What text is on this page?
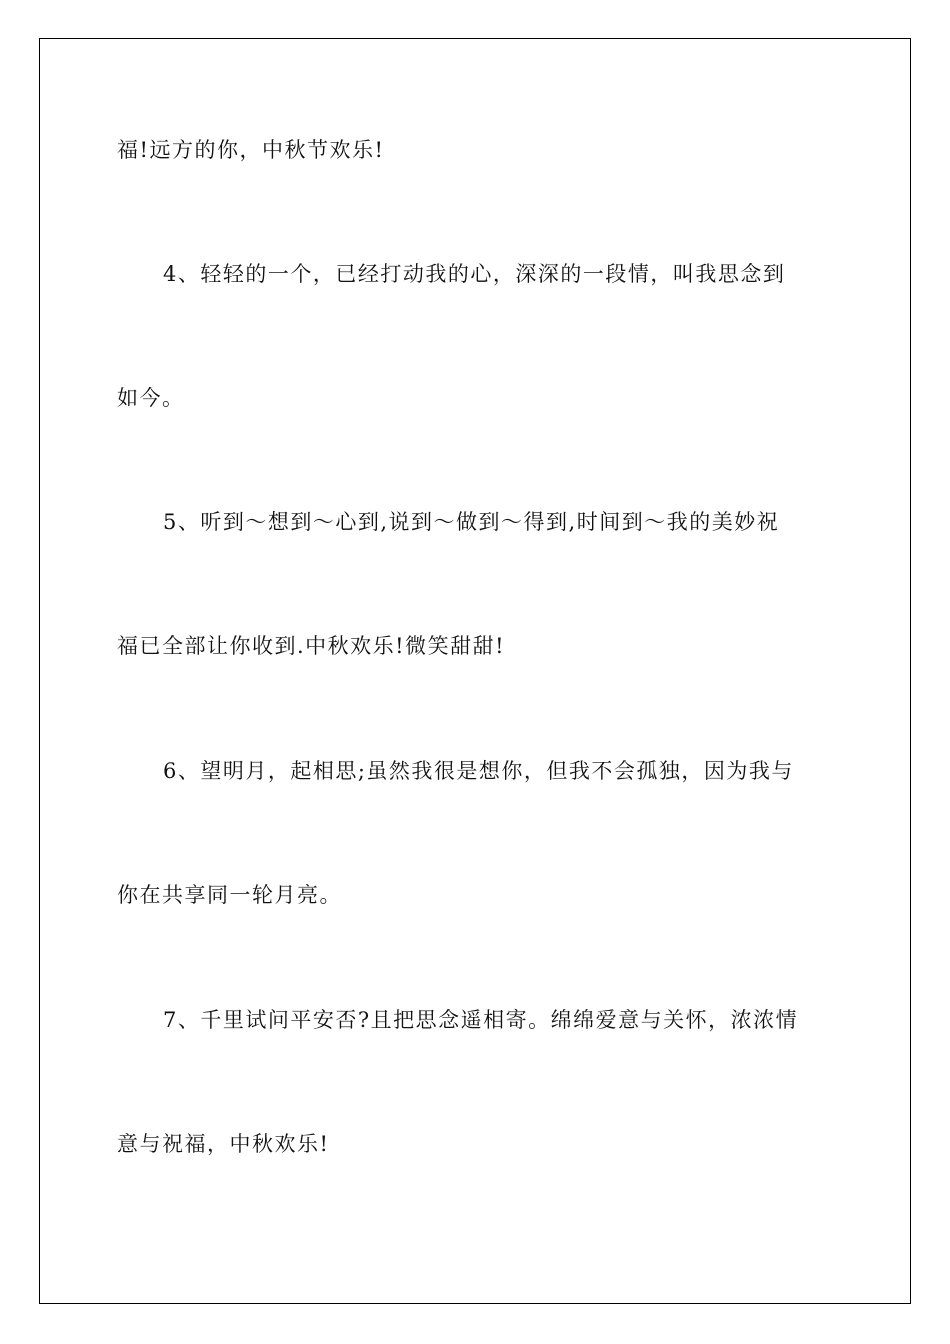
福!远方的你，中秋节欢乐!
4、轻轻的一个，已经打动我的心，深深的一段情，叫我思念到
如今。
5、听到～想到～心到,说到～做到～得到,时间到～我的美妙祝
福已全部让你收到.中秋欢乐!微笑甜甜!
6、望明月，起相思;虽然我很是想你，但我不会孤独，因为我与
你在共享同一轮月亮。
7、千里试问平安否?且把思念遥相寄。绵绵爱意与关怀，浓浓情
意与祝福，中秋欢乐!
